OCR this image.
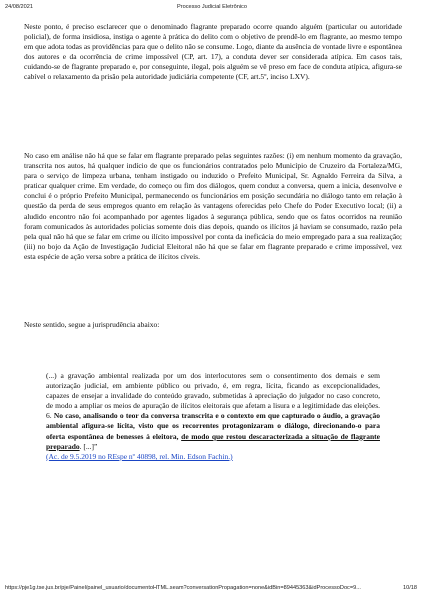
24/08/2021	Processo Judicial Eletrônico

Neste ponto, é preciso esclarecer que o denominado flagrante preparado ocorre quando alguém (particular ou autoridade policial), de forma insidiosa, instiga o agente à prática do delito com o objetivo de prendê-lo em flagrante, ao mesmo tempo em que adota todas as providências para que o delito não se consume. Logo, diante da ausência de vontade livre e espontânea dos autores e da ocorrência de crime impossível (CP, art. 17), a conduta dever ser considerada atípica. Em casos tais, cuidando-se de flagrante preparado e, por conseguinte, ilegal, pois alguém se vê preso em face de conduta atípica, afigura-se cabível o relaxamento da prisão pela autoridade judiciária competente (CF, art.5º, inciso LXV).

No caso em análise não há que se falar em flagrante preparado pelas seguintes razões: (i) em nenhum momento da gravação, transcrita nos autos, há qualquer indício de que os funcionários contratados pelo Município de Cruzeiro da Fortaleza/MG, para o serviço de limpeza urbana, tenham instigado ou induzido o Prefeito Municipal, Sr. Agnaldo Ferreira da Silva, a praticar qualquer crime. Em verdade, do começo ou fim dos diálogos, quem conduz a conversa, quem a inicia, desenvolve e conclui é o próprio Prefeito Municipal, permanecendo os funcionários em posição secundária no diálogo tanto em relação à questão da perda de seus empregos quanto em relação às vantagens oferecidas pelo Chefe do Poder Executivo local; (ii) a aludido encontro não foi acompanhado por agentes ligados à segurança pública, sendo que os fatos ocorridos na reunião foram comunicados às autoridades policias somente dois dias depois, quando os ilícitos já haviam se consumado, razão pela pela qual não há que se falar em crime ou ilícito impossível por conta da ineficácia do meio empregado para a sua realização; (iii) no bojo da Ação de Investigação Judicial Eleitoral não há que se falar em flagrante preparado e crime impossível, vez esta espécie de ação versa sobre a prática de ilícitos cíveis.

Neste sentido, segue a jurisprudência abaixo:

(...) a gravação ambiental realizada por um dos interlocutores sem o consentimento dos demais e sem autorização judicial, em ambiente público ou privado, é, em regra, lícita, ficando as excepcionalidades, capazes de ensejar a invalidade do conteúdo gravado, submetidas à apreciação do julgador no caso concreto, de modo a ampliar os meios de apuração de ilícitos eleitorais que afetam a lisura e a legitimidade das eleições. 6. No caso, analisando o teor da conversa transcrita e o contexto em que capturado o áudio, a gravação ambiental afigura-se lícita, visto que os recorrentes protagonizaram o diálogo, direcionando-o para oferta espontânea de benesses à eleitora, de modo que restou descaracterizada a situação de flagrante preparado. [...]”
(Ac. de 9.5.2019 no REspe nº 40898, rel. Min. Edson Fachin.)

https://pje1g.tse.jus.br/pje/Painel/painel_usuario/documentoHTML.seam?conversationPropagation=none&idBin=89445363&idProcessoDoc=9...	10/18
